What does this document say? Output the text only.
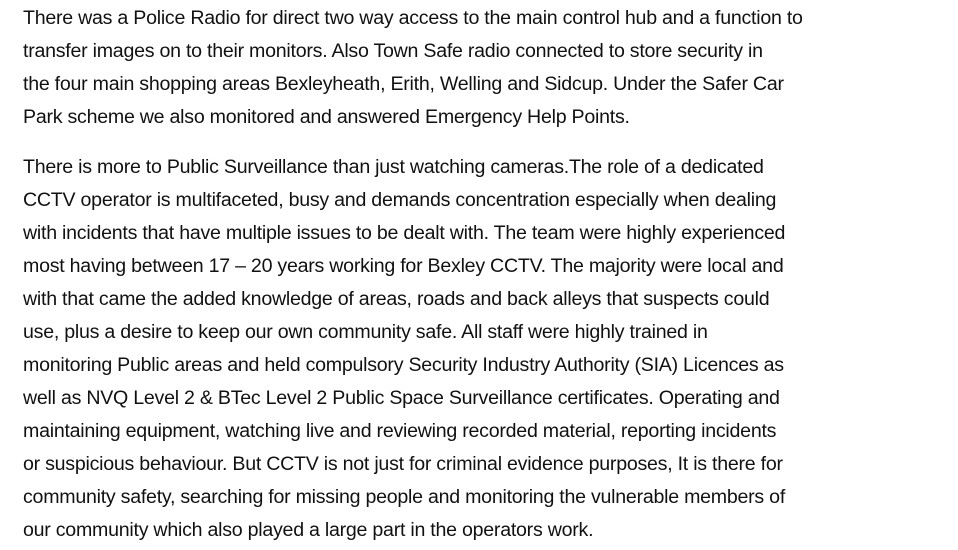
There was a Police Radio for direct two way access to the main control hub and a function to
transfer images on to their monitors. Also Town Safe radio connected to store security in
the four main shopping areas Bexleyheath, Erith, Welling and Sidcup. Under the Safer Car
Park scheme we also monitored and answered Emergency Help Points.
There is more to Public Surveillance than just watching cameras.The role of a dedicated
CCTV operator is multifaceted, busy and demands concentration especially when dealing
with incidents that have multiple issues to be dealt with. The team were highly experienced
most having between 17 – 20 years working for Bexley CCTV. The majority were local and
with that came the added knowledge of areas, roads and back alleys that suspects could
use, plus a desire to keep our own community safe. All staff were highly trained in
monitoring Public areas and held compulsory Security Industry Authority (SIA) Licences as
well as NVQ Level 2 & BTec Level 2 Public Space Surveillance certificates. Operating and
maintaining equipment, watching live and reviewing recorded material, reporting incidents
or suspicious behaviour. But CCTV is not just for criminal evidence purposes, It is there for
community safety, searching for missing people and monitoring the vulnerable members of
our community which also played a large part in the operators work.
